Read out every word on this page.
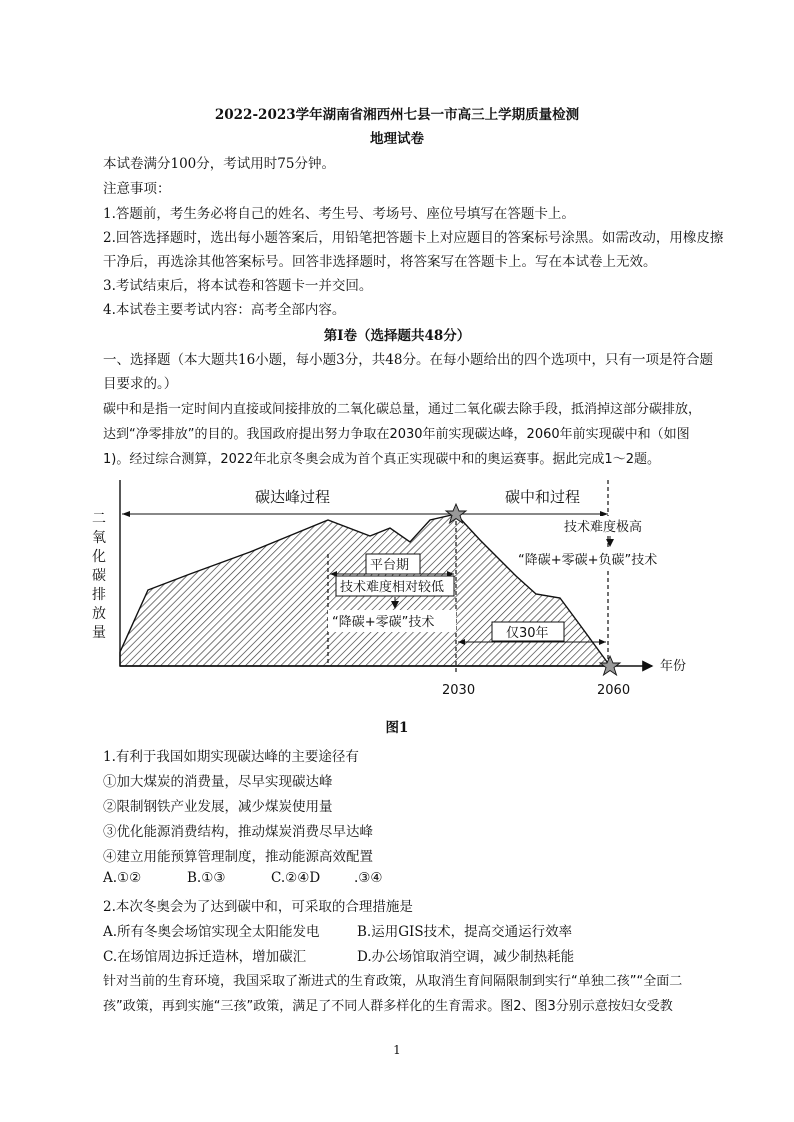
2022-2023学年湖南省湘西州七县一市高三上学期质量检测
地理试卷
本试卷满分100分，考试用时75分钟。
注意事项：
1.答题前，考生务必将自己的姓名、考生号、考场号、座位号填写在答题卡上。
2.回答选择题时，选出每小题答案后，用铅笔把答题卡上对应题目的答案标号涂黑。如需改动，用橡皮擦
干净后，再选涂其他答案标号。回答非选择题时，将答案写在答题卡上。写在本试卷上无效。
3.考试结束后，将本试卷和答题卡一并交回。
4.本试卷主要考试内容：高考全部内容。
第Ⅰ卷（选择题共48分）
一、选择题（本大题共16小题，每小题3分，共48分。在每小题给出的四个选项中，只有一项是符合题
目要求的。）
碳中和是指一定时间内直接或间接排放的二氧化碳总量，通过二氧化碳去除手段，抵消掉这部分碳排放，
达到“净零排放”的目的。我国政府提出努力争取在2030年前实现碳达峰，2060年前实现碳中和（如图
1)。经过综合测算，2022年北京冬奥会成为首个真正实现碳中和的奥运赛事。据此完成1～2题。
年份
碳达峰过程	碳中和过程
二
氧
化
碳
排
放
量
平台期
技术难度相对较低
“降碳+零碳”技术
技术难度极高
“降碳+零碳+负碳”技术
仅30年
2030	2060
图1
1.有利于我国如期实现碳达峰的主要途径有
①加大煤炭的消费量，尽早实现碳达峰
②限制钢铁产业发展，减少煤炭使用量
③优化能源消费结构，推动煤炭消费尽早达峰
④建立用能预算管理制度，推动能源高效配置
A.①②	B.①③	C.②④D	.③④
2.本次冬奥会为了达到碳中和，可采取的合理措施是
A.所有冬奥会场馆实现全太阳能发电	B.运用GIS技术，提高交通运行效率
C.在场馆周边拆迁造林，增加碳汇	D.办公场馆取消空调，减少制热耗能
针对当前的生育环境，我国采取了渐进式的生育政策，从取消生育间隔限制到实行“单独二孩”“全面二
孩”政策，再到实施“三孩”政策，满足了不同人群多样化的生育需求。图2、图3分别示意按妇女受教
1
